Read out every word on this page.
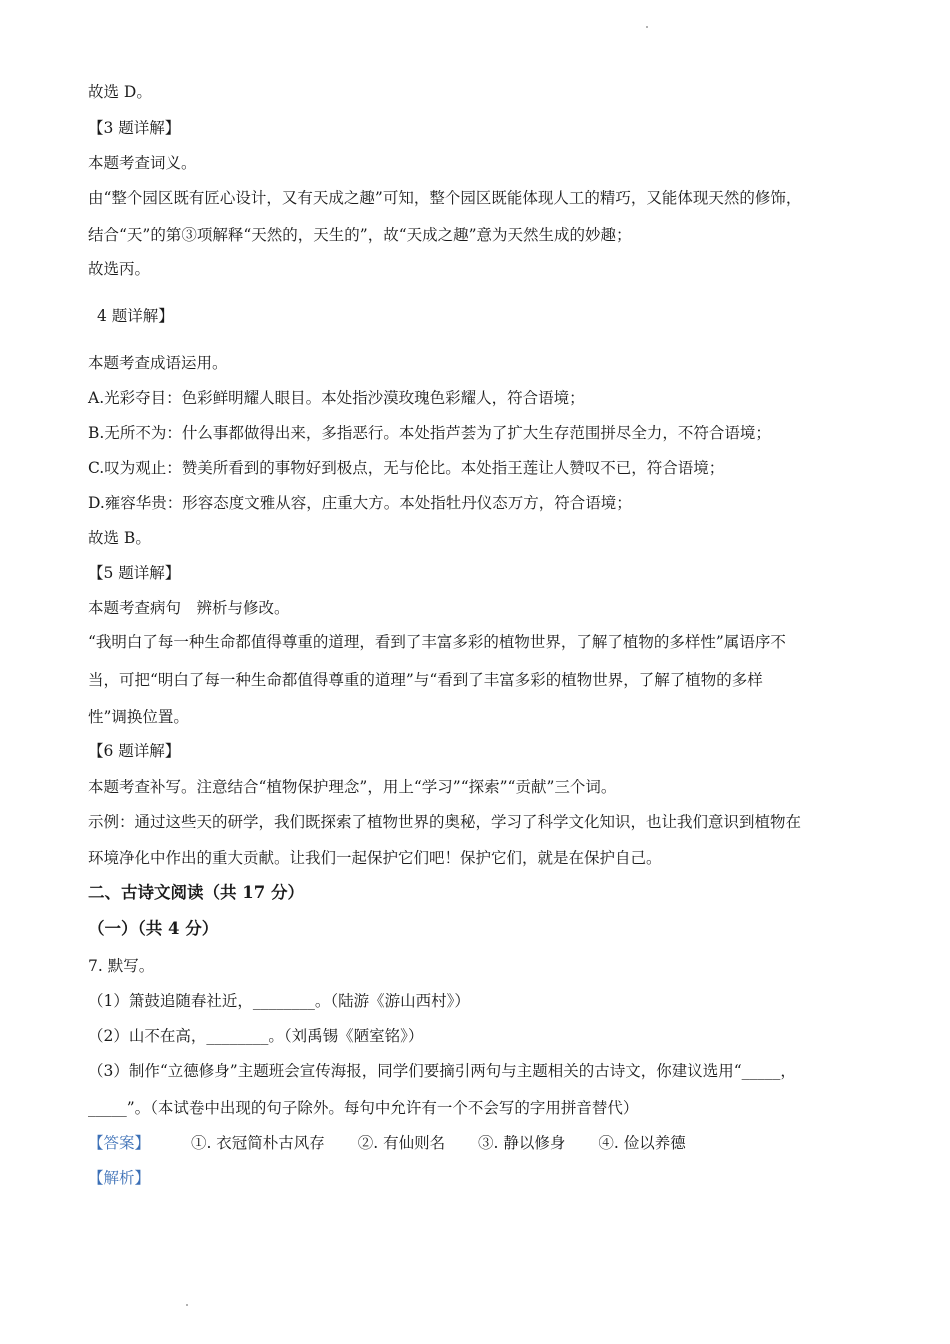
故选 D。
【3 题详解】
本题考查词义。
由“整个园区既有匠心设计，又有天成之趣”可知，整个园区既能体现人工的精巧，又能体现天然的修饰，
结合“天”的第③项解释“天然的，天生的”，故“天成之趣”意为天然生成的妙趣；
故选丙。
4 题详解】
本题考查成语运用。
A.光彩夺目：色彩鲜明耀人眼目。本处指沙漠玫瑰色彩耀人，符合语境；
B.无所不为：什么事都做得出来，多指恶行。本处指芦荟为了扩大生存范围拼尽全力，不符合语境；
C.叹为观止：赞美所看到的事物好到极点，无与伦比。本处指王莲让人赞叹不已，符合语境；
D.雍容华贵：形容态度文雅从容，庄重大方。本处指牡丹仪态万方，符合语境；
故选 B。
【5 题详解】
本题考查病句　辨析与修改。
“我明白了每一种生命都值得尊重的道理，看到了丰富多彩的植物世界，了解了植物的多样性”属语序不
当，可把“明白了每一种生命都值得尊重的道理”与“看到了丰富多彩的植物世界，了解了植物的多样
性”调换位置。
【6 题详解】
本题考查补写。注意结合“植物保护理念”，用上“学习”“探索”“贡献”三个词。
示例：通过这些天的研学，我们既探索了植物世界的奥秘，学习了科学文化知识，也让我们意识到植物在
环境净化中作出的重大贡献。让我们一起保护它们吧！保护它们，就是在保护自己。
二、古诗文阅读（共 17 分）
（一）（共 4 分）
7. 默写。
（1）箫鼓追随春社近，________。（陆游《游山西村》）
（2）山不在高，________。（刘禹锡《陋室铭》）
（3）制作“立德修身”主题班会宣传海报，同学们要摘引两句与主题相关的古诗文，你建议选用“_____，
_____”。（本试卷中出现的句子除外。每句中允许有一个不会写的字用拼音替代）
【答案】	①. 衣冠简朴古风存 ②. 有仙则名 ③. 静以修身 ④. 俭以养德
【解析】
